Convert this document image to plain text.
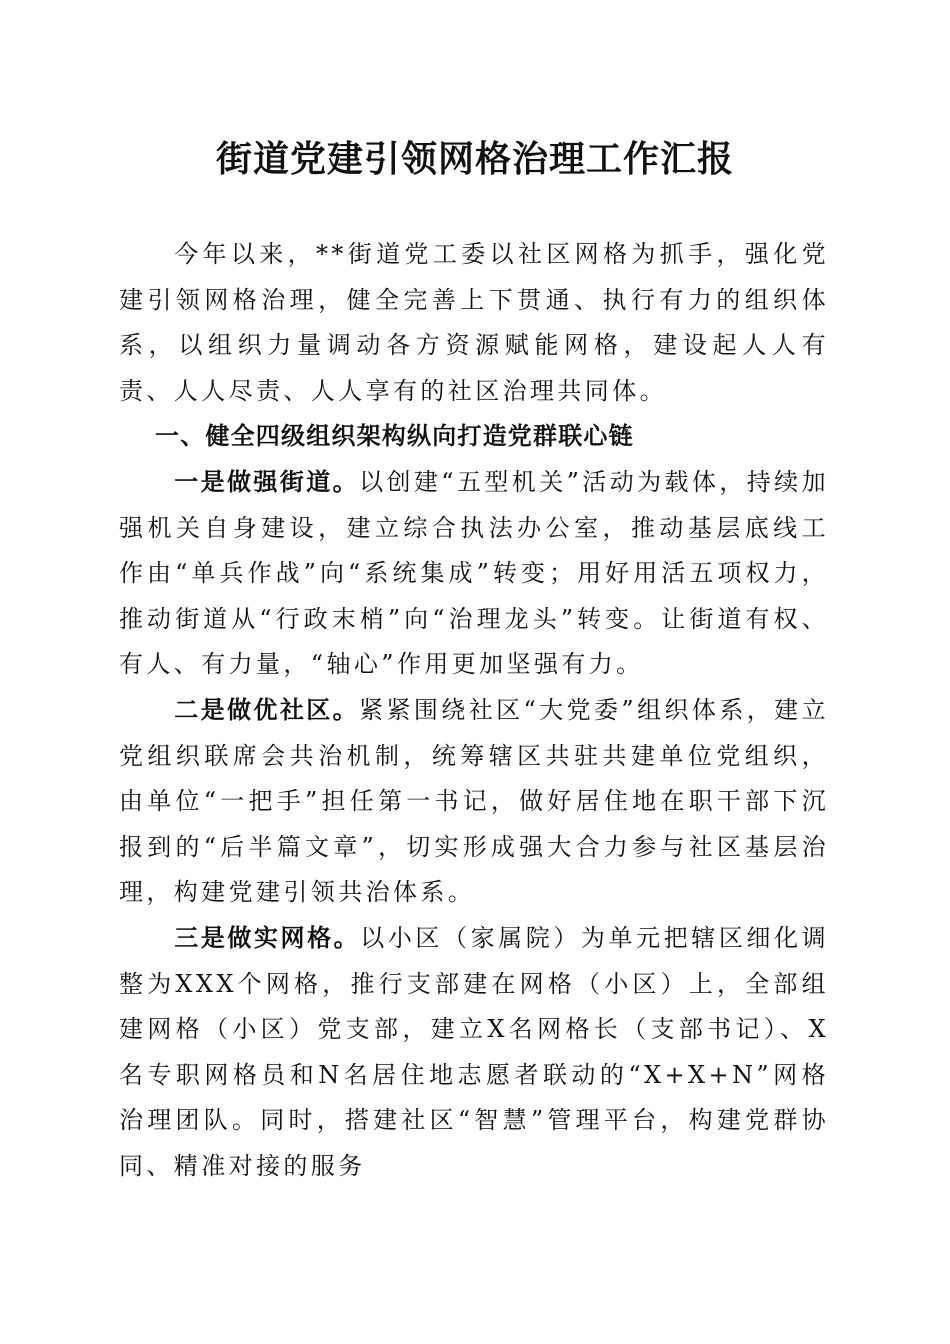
街道党建引领网格治理工作汇报

今年以来，**街道党工委以社区网格为抓手，强化党建引领网格治理，健全完善上下贯通、执行有力的组织体系，以组织力量调动各方资源赋能网格，建设起人人有责、人人尽责、人人享有的社区治理共同体。

一、健全四级组织架构纵向打造党群联心链

一是做强街道。以创建“五型机关”活动为载体，持续加强机关自身建设，建立综合执法办公室，推动基层底线工作由“单兵作战”向“系统集成”转变；用好用活五项权力，推动街道从“行政末梢”向“治理龙头”转变。让街道有权、有人、有力量，“轴心”作用更加坚强有力。

二是做优社区。紧紧围绕社区“大党委”组织体系，建立党组织联席会共治机制，统筹辖区共驻共建单位党组织，由单位“一把手”担任第一书记，做好居住地在职干部下沉报到的“后半篇文章”，切实形成强大合力参与社区基层治理，构建党建引领共治体系。

三是做实网格。以小区（家属院）为单元把辖区细化调整为XXX个网格，推行支部建在网格（小区）上，全部组建网格（小区）党支部，建立X名网格长（支部书记）、X名专职网格员和N名居住地志愿者联动的“X+X+N”网格治理团队。同时，搭建社区“智慧”管理平台，构建党群协同、精准对接的服务
